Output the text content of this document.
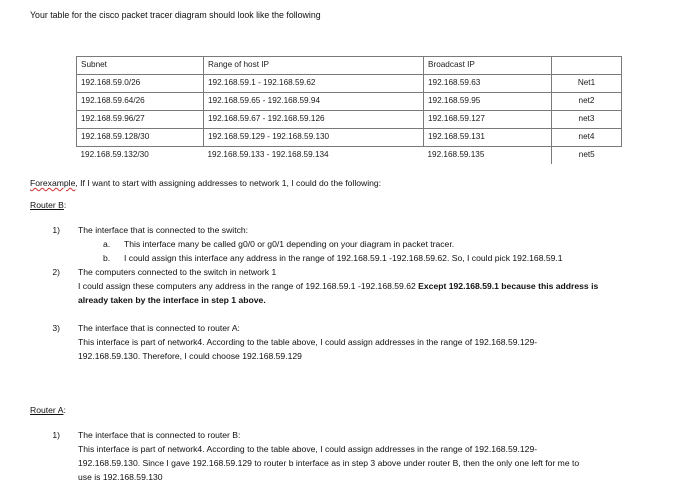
Your table for the cisco packet tracer diagram should look like the following
Subnet	Range of host IP	Broadcast IP	
192.168.59.0/26	192.168.59.1 - 192.168.59.62	192.168.59.63	Net1
192.168.59.64/26	192.168.59.65 - 192.168.59.94	192.168.59.95	net2
192.168.59.96/27	192.168.59.67 - 192.168.59.126	192.168.59.127	net3
192.168.59.128/30	192.168.59.129 - 192.168.59.130	192.168.59.131	net4
192.168.59.132/30	192.168.59.133 - 192.168.59.134	192.168.59.135	net5
Forexample, If I want to start with assigning addresses to network 1, I could do the following:
Router B:
1) The interface that is connected to the switch:
a.	This interface many be called g0/0 or g0/1 depending on your diagram in packet tracer.
b.	I could assign this interface any address in the range of 192.168.59.1 -192.168.59.62. So, I could pick 192.168.59.1
2) The computers connected to the switch in network 1
I could assign these computers any address in the range of 192.168.59.1 -192.168.59.62 Except 192.168.59.1 because this address is
already taken by the interface in step 1 above.
3) The interface that is connected to router A:
This interface is part of network4. According to the table above, I could assign addresses in the range of 192.168.59.129-
192.168.59.130. Therefore, I could choose 192.168.59.129
Router A:
1) The interface that is connected to router B:
This interface is part of network4. According to the table above, I could assign addresses in the range of 192.168.59.129-
192.168.59.130. Since I gave 192.168.59.129 to router b interface as in step 3 above under router B, then the only one left for me to
use is 192.168.59.130
